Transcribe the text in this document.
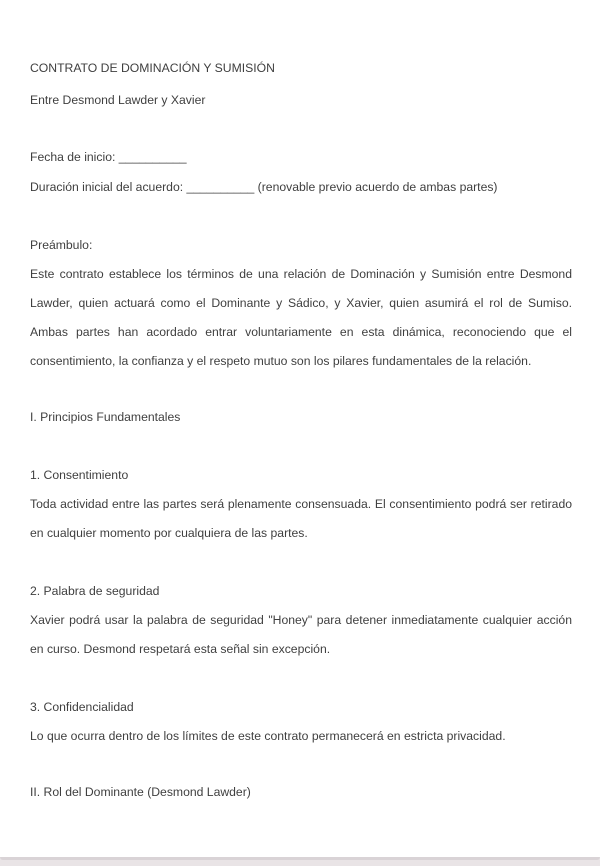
CONTRATO DE DOMINACIÓN Y SUMISIÓN

Entre Desmond Lawder y Xavier

Fecha de inicio: __________

Duración inicial del acuerdo: __________ (renovable previo acuerdo de ambas partes)

Preámbulo:

Este contrato establece los términos de una relación de Dominación y Sumisión entre Desmond
Lawder, quien actuará como el Dominante y Sádico, y Xavier, quien asumirá el rol de Sumiso.
Ambas partes han acordado entrar voluntariamente en esta dinámica, reconociendo que el
consentimiento, la confianza y el respeto mutuo son los pilares fundamentales de la relación.

I. Principios Fundamentales

1. Consentimiento

Toda actividad entre las partes será plenamente consensuada. El consentimiento podrá ser retirado
en cualquier momento por cualquiera de las partes.

2. Palabra de seguridad

Xavier podrá usar la palabra de seguridad "Honey" para detener inmediatamente cualquier acción
en curso. Desmond respetará esta señal sin excepción.

3. Confidencialidad

Lo que ocurra dentro de los límites de este contrato permanecerá en estricta privacidad.

II. Rol del Dominante (Desmond Lawder)
